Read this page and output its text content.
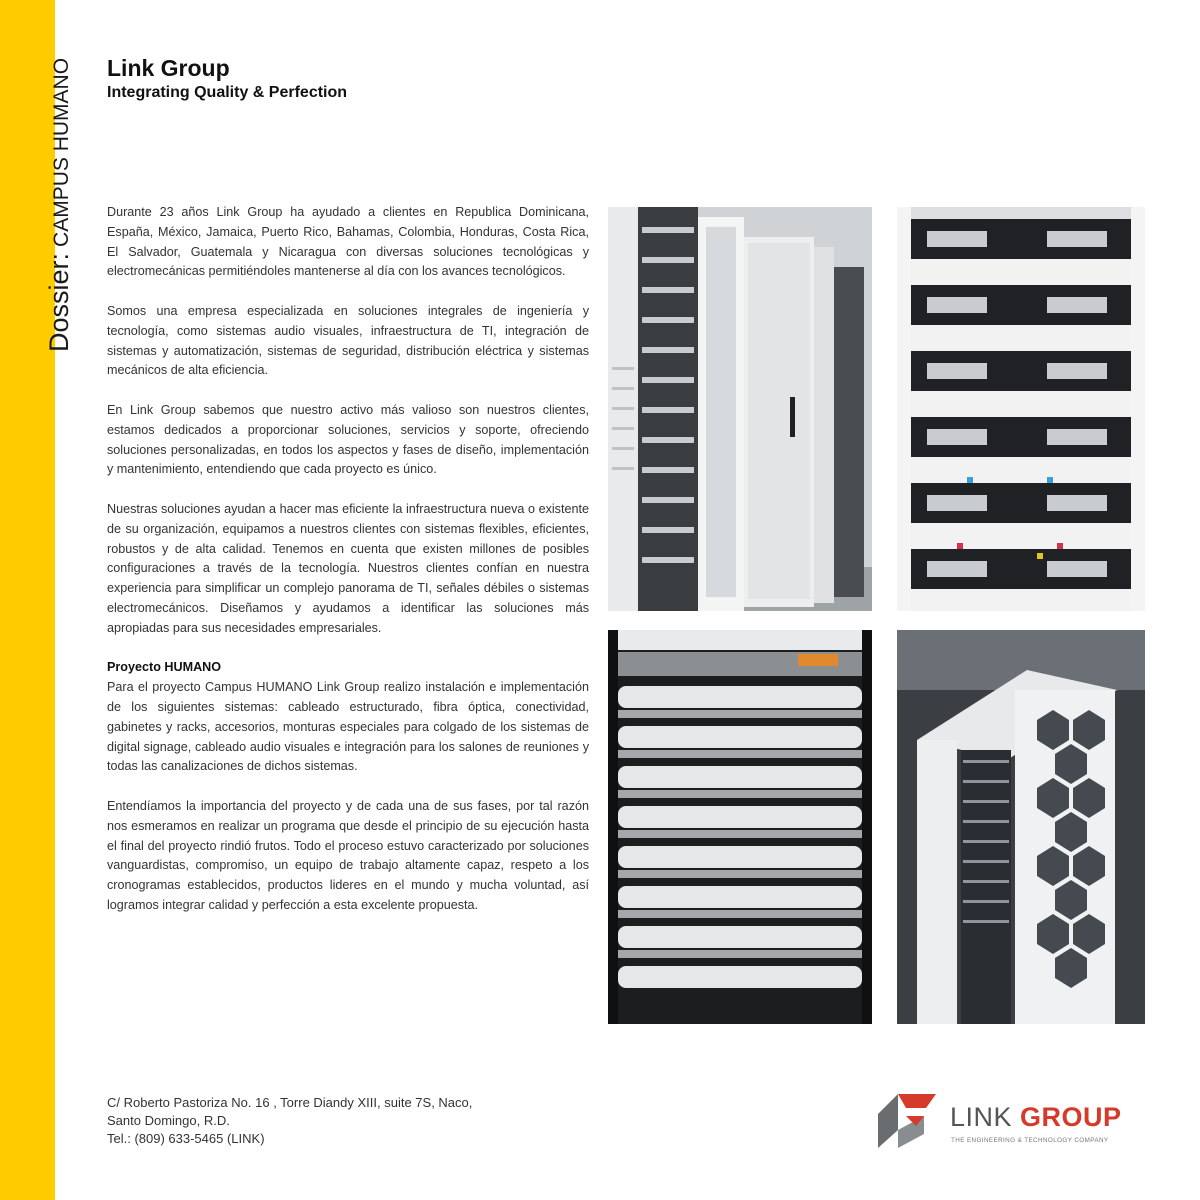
Dossier:CAMPUS HUMANO Link Group
Integrating Quality & Perfection

Durante 23 años Link Group ha ayudado a clientes en Republica Dominicana, España, México, Jamaica, Puerto Rico, Bahamas, Colombia, Honduras, Costa Rica, El Salvador, Guatemala y Nicaragua con diversas soluciones tecnológicas y electromecánicas permitiéndoles mantenerse al día con los avances tecnológicos.

Somos una empresa especializada en soluciones integrales de ingeniería y tecnología, como sistemas audio visuales, infraestructura de TI, integración de sistemas y automatización, sistemas de seguridad, distribución eléctrica y sistemas mecánicos de alta eficiencia.

En Link Group sabemos que nuestro activo más valioso son nuestros clientes, estamos dedicados a proporcionar soluciones, servicios y soporte, ofreciendo soluciones personalizadas, en todos los aspectos y fases de diseño, implementación y mantenimiento, entendiendo que cada proyecto es único.

Nuestras soluciones ayudan a hacer mas eficiente la infraestructura nueva o existente de su organización, equipamos a nuestros clientes con sistemas flexibles, eficientes, robustos y de alta calidad. Tenemos en cuenta que existen millones de posibles configuraciones a través de la tecnología. Nuestros clientes confían en nuestra experiencia para simplificar un complejo panorama de TI, señales débiles o sistemas electromecánicos. Diseñamos y ayudamos a identificar las soluciones más apropiadas para sus necesidades empresariales.

Proyecto HUMANO

Para el proyecto Campus HUMANO Link Group realizo instalación e implementación de los siguientes sistemas: cableado estructurado, fibra óptica, conectividad, gabinetes y racks, accesorios, monturas especiales para colgado de los sistemas de digital signage, cableado audio visuales e integración para los salones de reuniones y todas las canalizaciones de dichos sistemas.

Entendíamos la importancia del proyecto y de cada una de sus fases, por tal razón nos esmeramos en realizar un programa que desde el principio de su ejecución hasta el final del proyecto rindió frutos. Todo el proceso estuvo caracterizado por soluciones vanguardistas, compromiso, un equipo de trabajo altamente capaz, respeto a los cronogramas establecidos, productos lideres en el mundo y mucha voluntad, así logramos integrar calidad y perfección a esta excelente propuesta.

C/ Roberto Pastoriza No. 16 , Torre Diandy XIII, suite 7S, Naco,
Santo Domingo, R.D.
Tel.: (809) 633-5465 (LINK)
LINK GROUP
THE ENGINEERING & TECHNOLOGY COMPANY
